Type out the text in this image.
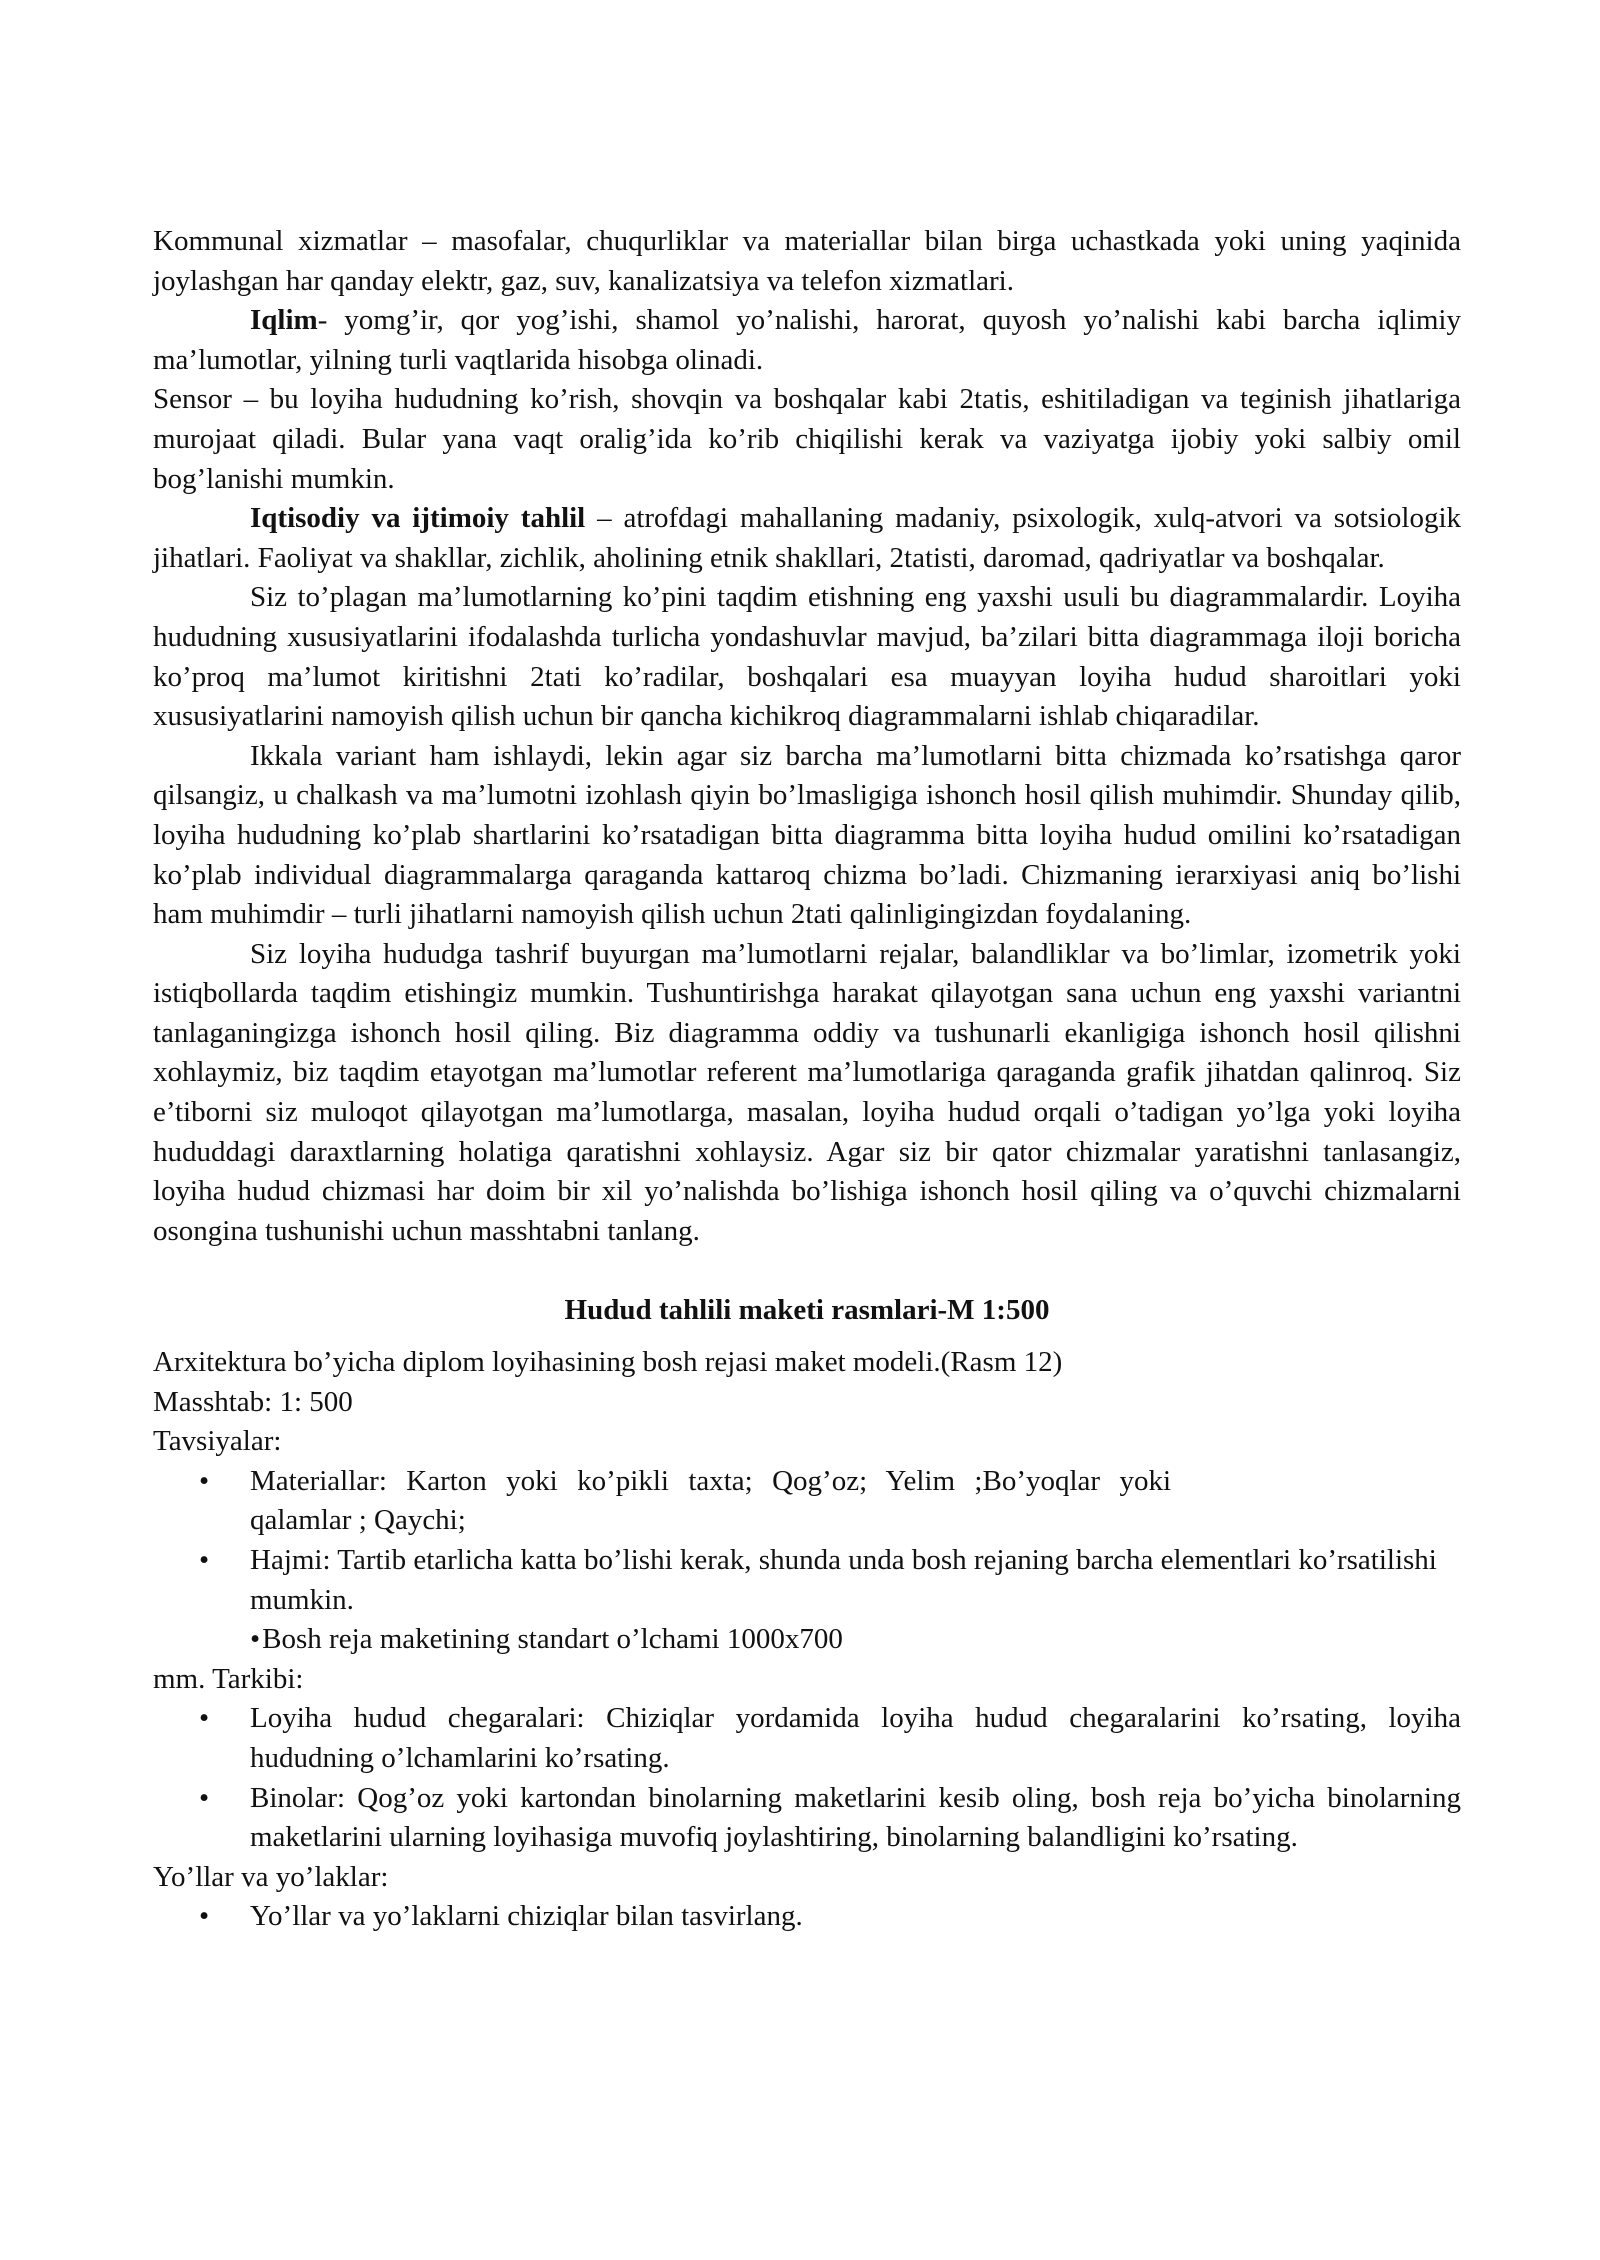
Kommunal xizmatlar – masofalar, chuqurliklar va materiallar bilan birga uchastkada yoki uning yaqinida joylashgan har qanday elektr, gaz, suv, kanalizatsiya va telefon xizmatlari.

Iqlim- yomg’ir, qor yog’ishi, shamol yo’nalishi, harorat, quyosh yo’nalishi kabi barcha iqlimiy ma’lumotlar, yilning turli vaqtlarida hisobga olinadi.

Sensor – bu loyiha hududning ko’rish, shovqin va boshqalar kabi 2tatis, eshitiladigan va teginish jihatlariga murojaat qiladi. Bular yana vaqt oralig’ida ko’rib chiqilishi kerak va vaziyatga ijobiy yoki salbiy omil bog’lanishi mumkin.

Iqtisodiy va ijtimoiy tahlil – atrofdagi mahallaning madaniy, psixologik, xulq-atvori va sotsiologik jihatlari. Faoliyat va shakllar, zichlik, aholining etnik shakllari, 2tatisti, daromad, qadriyatlar va boshqalar.

Siz to’plagan ma’lumotlarning ko’pini taqdim etishning eng yaxshi usuli bu diagrammalardir. Loyiha hududning xususiyatlarini ifodalashda turlicha yondashuvlar mavjud, ba’zilari bitta diagrammaga iloji boricha ko’proq ma’lumot kiritishni 2tati ko’radilar, boshqalari esa muayyan loyiha hudud sharoitlari yoki xususiyatlarini namoyish qilish uchun bir qancha kichikroq diagrammalarni ishlab chiqaradilar.

Ikkala variant ham ishlaydi, lekin agar siz barcha ma’lumotlarni bitta chizmada ko’rsatishga qaror qilsangiz, u chalkash va ma’lumotni izohlash qiyin bo’lmasligiga ishonch hosil qilish muhimdir. Shunday qilib, loyiha hududning ko’plab shartlarini ko’rsatadigan bitta diagramma bitta loyiha hudud omilini ko’rsatadigan ko’plab individual diagrammalarga qaraganda kattaroq chizma bo’ladi. Chizmaning ierarxiyasi aniq bo’lishi ham muhimdir – turli jihatlarni namoyish qilish uchun 2tati qalinligingizdan foydalaning.

Siz loyiha hududga tashrif buyurgan ma’lumotlarni rejalar, balandliklar va bo’limlar, izometrik yoki istiqbollarda taqdim etishingiz mumkin. Tushuntirishga harakat qilayotgan sana uchun eng yaxshi variantni tanlaganingizga ishonch hosil qiling. Biz diagramma oddiy va tushunarli ekanligiga ishonch hosil qilishni xohlaymiz, biz taqdim etayotgan ma’lumotlar referent ma’lumotlariga qaraganda grafik jihatdan qalinroq. Siz e’tiborni siz muloqot qilayotgan ma’lumotlarga, masalan, loyiha hudud orqali o’tadigan yo’lga yoki loyiha hududdagi daraxtlarning holatiga qaratishni xohlaysiz. Agar siz bir qator chizmalar yaratishni tanlasangiz, loyiha hudud chizmasi har doim bir xil yo’nalishda bo’lishiga ishonch hosil qiling va o’quvchi chizmalarni osongina tushunishi uchun masshtabni tanlang.

Hudud tahlili maketi rasmlari-M 1:500

Arxitektura bo’yicha diplom loyihasining bosh rejasi maket modeli.(Rasm 12)

Masshtab: 1: 500

Tavsiyalar:

• Materiallar: Karton yoki ko’pikli taxta; Qog’oz; Yelim ;Bo’yoqlar yoki qalamlar ; Qaychi;
• Hajmi: Tartib etarlicha katta bo’lishi kerak, shunda unda bosh rejaning barcha elementlari ko’rsatilishi mumkin.

•Bosh reja maketining standart o’lchami 1000x700

mm. Tarkibi:

• Loyiha hudud chegaralari: Chiziqlar yordamida loyiha hudud chegaralarini ko’rsating, loyiha hududning o’lchamlarini ko’rsating.
• Binolar: Qog’oz yoki kartondan binolarning maketlarini kesib oling, bosh reja bo’yicha binolarning maketlarini ularning loyihasiga muvofiq joylashtiring, binolarning balandligini ko’rsating.

Yo’llar va yo’laklar:

• Yo’llar va yo’laklarni chiziqlar bilan tasvirlang.
